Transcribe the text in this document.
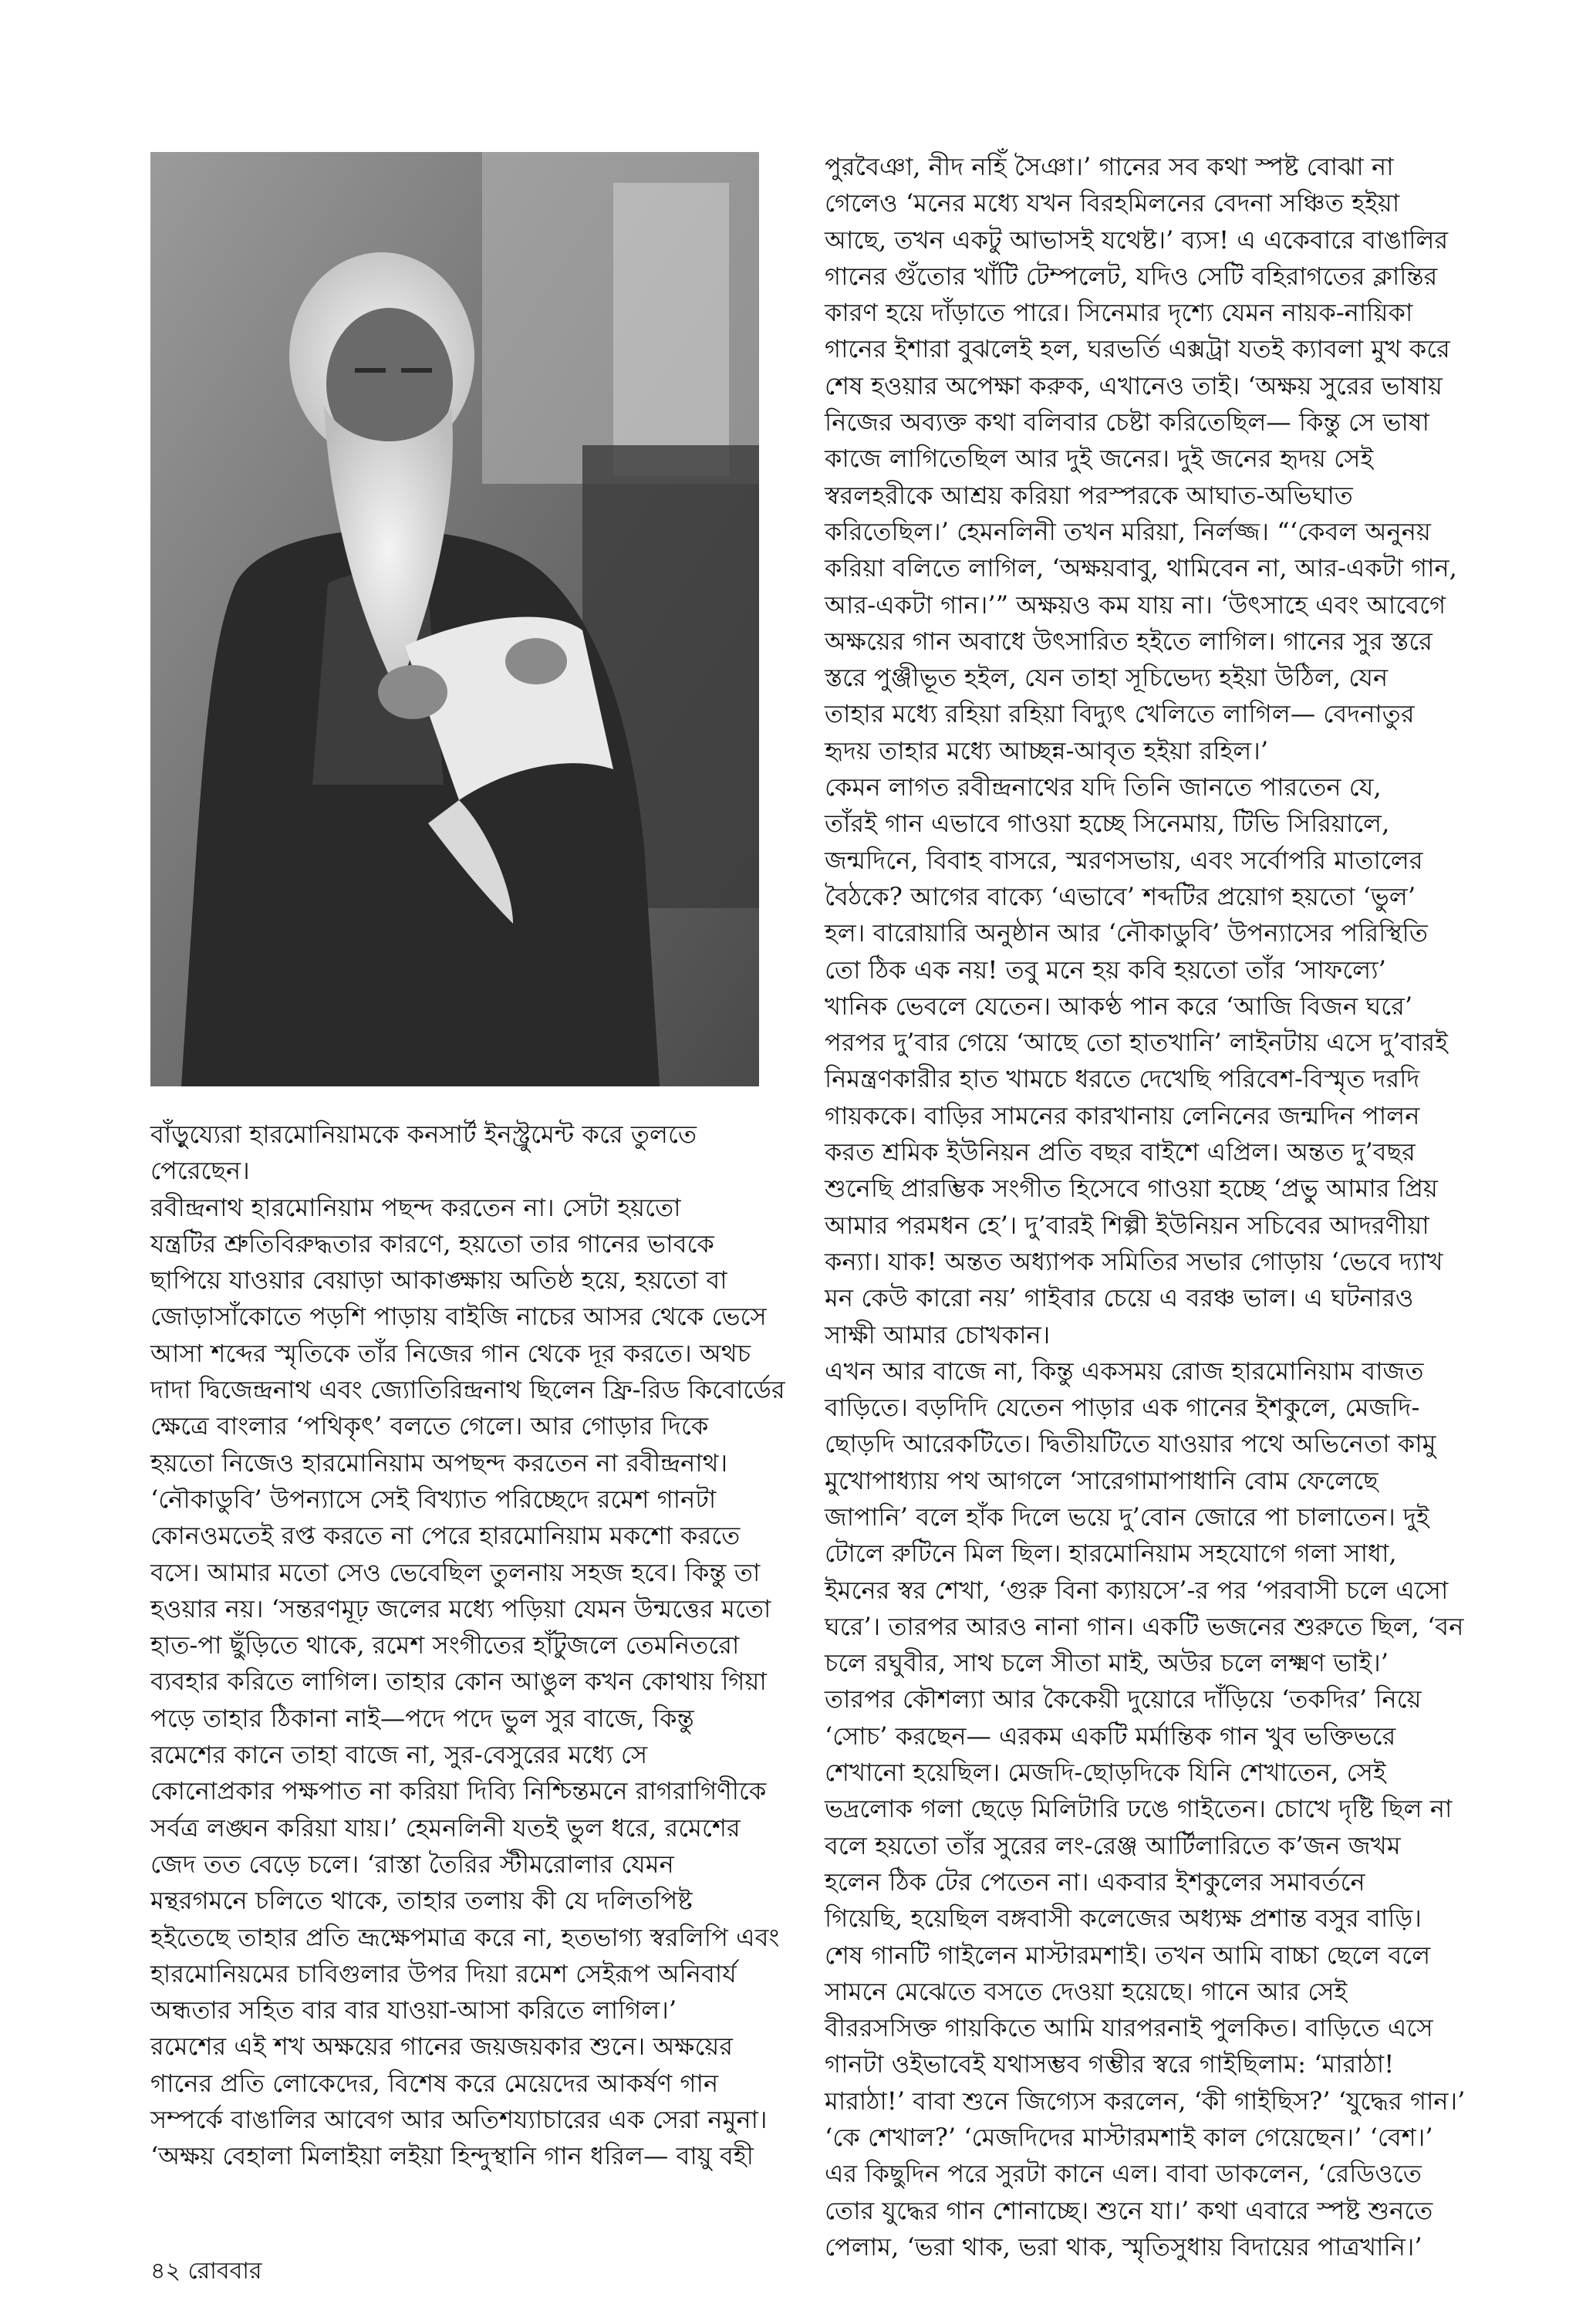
পুরবৈঞা, নীদ নহিঁ সৈঞা।’ গানের সব কথা স্পষ্ট বোঝা না

গেলেও ‘মনের মধ্যে যখন বিরহমিলনের বেদনা সঞ্চিত হইয়া

আছে, তখন একটু আভাসই যথেষ্ট।’ ব্যস! এ একেবারে বাঙালির

গানের গুঁতোর খাঁটি টেম্পলেট, যদিও সেটি বহিরাগতের ক্লান্তির

কারণ হয়ে দাঁড়াতে পারে। সিনেমার দৃশ্যে যেমন নায়ক-নায়িকা

গানের ইশারা বুঝলেই হল, ঘরভর্তি এক্সট্রা যতই ক্যাবলা মুখ করে

শেষ হওয়ার অপেক্ষা করুক, এখানেও তাই। ‘অক্ষয় সুরের ভাষায়

নিজের অব্যক্ত কথা বলিবার চেষ্টা করিতেছিল— কিন্তু সে ভাষা

কাজে লাগিতেছিল আর দুই জনের। দুই জনের হৃদয় সেই

স্বরলহরীকে আশ্রয় করিয়া পরস্পরকে আঘাত-অভিঘাত

করিতেছিল।’ হেমনলিনী তখন মরিয়া, নির্লজ্জ। “‘কেবল অনুনয়

করিয়া বলিতে লাগিল, ‘অক্ষয়বাবু, থামিবেন না, আর-একটা গান,

আর-একটা গান।’” অক্ষয়ও কম যায় না। ‘উৎসাহে এবং আবেগে

অক্ষয়ের গান অবাধে উৎসারিত হইতে লাগিল। গানের সুর স্তরে

স্তরে পুঞ্জীভূত হইল, যেন তাহা সূচিভেদ্য হইয়া উঠিল, যেন

তাহার মধ্যে রহিয়া রহিয়া বিদ্যুৎ খেলিতে লাগিল— বেদনাতুর

হৃদয় তাহার মধ্যে আচ্ছন্ন-আবৃত হইয়া রহিল।’

কেমন লাগত রবীন্দ্রনাথের যদি তিনি জানতে পারতেন যে,

তাঁরই গান এভাবে গাওয়া হচ্ছে সিনেমায়, টিভি সিরিয়ালে,

জন্মদিনে, বিবাহ বাসরে, স্মরণসভায়, এবং সর্বোপরি মাতালের

বৈঠকে? আগের বাক্যে ‘এভাবে’ শব্দটির প্রয়োগ হয়তো ‘ভুল’

হল। বারোয়ারি অনুষ্ঠান আর ‘নৌকাডুবি’ উপন্যাসের পরিস্থিতি

তো ঠিক এক নয়! তবু মনে হয় কবি হয়তো তাঁর ‘সাফল্যে’

খানিক ভেবলে যেতেন। আকণ্ঠ পান করে ‘আজি বিজন ঘরে’

পরপর দু’বার গেয়ে ‘আছে তো হাতখানি’ লাইনটায় এসে দু’বারই

নিমন্ত্রণকারীর হাত খামচে ধরতে দেখেছি পরিবেশ-বিস্মৃত দরদি

গায়ককে। বাড়ির সামনের কারখানায় লেনিনের জন্মদিন পালন

করত শ্রমিক ইউনিয়ন প্রতি বছর বাইশে এপ্রিল। অন্তত দু’বছর

শুনেছি প্রারম্ভিক সংগীত হিসেবে গাওয়া হচ্ছে ‘প্রভু আমার প্রিয়

আমার পরমধন হে’। দু’বারই শিল্পী ইউনিয়ন সচিবের আদরণীয়া

কন্যা। যাক! অন্তত অধ্যাপক সমিতির সভার গোড়ায় ‘ভেবে দ্যাখ

মন কেউ কারো নয়’ গাইবার চেয়ে এ বরঞ্চ ভাল। এ ঘটনারও

সাক্ষী আমার চোখকান।

এখন আর বাজে না, কিন্তু একসময় রোজ হারমোনিয়াম বাজত

বাড়িতে। বড়দিদি যেতেন পাড়ার এক গানের ইশকুলে, মেজদি-

ছোড়দি আরেকটিতে। দ্বিতীয়টিতে যাওয়ার পথে অভিনেতা কামু

মুখোপাধ্যায় পথ আগলে ‘সারেগামাপাধানি বোম ফেলেছে

জাপানি’ বলে হাঁক দিলে ভয়ে দু’বোন জোরে পা চালাতেন। দুই

টোলে রুটিনে মিল ছিল। হারমোনিয়াম সহযোগে গলা সাধা,

ইমনের স্বর শেখা, ‘গুরু বিনা ক্যায়সে’-র পর ‘পরবাসী চলে এসো

ঘরে’। তারপর আরও নানা গান। একটি ভজনের শুরুতে ছিল, ‘বন

চলে রঘুবীর, সাথ চলে সীতা মাই, অউর চলে লক্ষ্মণ ভাই।’

তারপর কৌশল্যা আর কৈকেয়ী দুয়োরে দাঁড়িয়ে ‘তকদির’ নিয়ে

‘সোচ’ করছেন— এরকম একটি মর্মান্তিক গান খুব ভক্তিভরে

শেখানো হয়েছিল। মেজদি-ছোড়দিকে যিনি শেখাতেন, সেই

ভদ্রলোক গলা ছেড়ে মিলিটারি ঢঙে গাইতেন। চোখে দৃষ্টি ছিল না

বলে হয়তো তাঁর সুরের লং-রেঞ্জ আর্টিলারিতে ক’জন জখম

হলেন ঠিক টের পেতেন না। একবার ইশকুলের সমাবর্তনে

গিয়েছি, হয়েছিল বঙ্গবাসী কলেজের অধ্যক্ষ প্রশান্ত বসুর বাড়ি।

শেষ গানটি গাইলেন মাস্টারমশাই। তখন আমি বাচ্চা ছেলে বলে

সামনে মেঝেতে বসতে দেওয়া হয়েছে। গানে আর সেই

বীররসসিক্ত গায়কিতে আমি যারপরনাই পুলকিত। বাড়িতে এসে

গানটা ওইভাবেই যথাসম্ভব গম্ভীর স্বরে গাইছিলাম: ‘মারাঠা!

মারাঠা!’ বাবা শুনে জিগ্যেস করলেন, ‘কী গাইছিস?’ ‘যুদ্ধের গান।’

‘কে শেখাল?’ ‘মেজদিদের মাস্টারমশাই কাল গেয়েছেন।’ ‘বেশ।’

এর কিছুদিন পরে সুরটা কানে এল। বাবা ডাকলেন, ‘রেডিওতে

তোর যুদ্ধের গান শোনাচ্ছে। শুনে যা।’ কথা এবারে স্পষ্ট শুনতে

পেলাম, ‘ভরা থাক, ভরা থাক, স্মৃতিসুধায় বিদায়ের পাত্রখানি।’

বাঁড়ুয্যেরা হারমোনিয়ামকে কনসার্ট ইনস্ট্রুমেন্ট করে তুলতে

পেরেছেন।

রবীন্দ্রনাথ হারমোনিয়াম পছন্দ করতেন না। সেটা হয়তো

যন্ত্রটির শ্রুতিবিরুদ্ধতার কারণে, হয়তো তার গানের ভাবকে

ছাপিয়ে যাওয়ার বেয়াড়া আকাঙ্ক্ষায় অতিষ্ঠ হয়ে, হয়তো বা

জোড়াসাঁকোতে পড়শি পাড়ায় বাইজি নাচের আসর থেকে ভেসে

আসা শব্দের স্মৃতিকে তাঁর নিজের গান থেকে দূর করতে। অথচ

দাদা দ্বিজেন্দ্রনাথ এবং জ্যোতিরিন্দ্রনাথ ছিলেন ফ্রি-রিড কিবোর্ডের

ক্ষেত্রে বাংলার ‘পথিকৃৎ’ বলতে গেলে। আর গোড়ার দিকে

হয়তো নিজেও হারমোনিয়াম অপছন্দ করতেন না রবীন্দ্রনাথ।

‘নৌকাডুবি’ উপন্যাসে সেই বিখ্যাত পরিচ্ছেদে রমেশ গানটা

কোনওমতেই রপ্ত করতে না পেরে হারমোনিয়াম মকশো করতে

বসে। আমার মতো সেও ভেবেছিল তুলনায় সহজ হবে। কিন্তু তা

হওয়ার নয়। ‘সন্তরণমূঢ় জলের মধ্যে পড়িয়া যেমন উন্মত্তের মতো

হাত-পা ছুঁড়িতে থাকে, রমেশ সংগীতের হাঁটুজলে তেমনিতরো

ব্যবহার করিতে লাগিল। তাহার কোন আঙুল কখন কোথায় গিয়া

পড়ে তাহার ঠিকানা নাই—পদে পদে ভুল সুর বাজে, কিন্তু

রমেশের কানে তাহা বাজে না, সুর-বেসুরের মধ্যে সে

কোনোপ্রকার পক্ষপাত না করিয়া দিব্যি নিশ্চিন্তমনে রাগরাগিণীকে

সর্বত্র লঙ্ঘন করিয়া যায়।’ হেমনলিনী যতই ভুল ধরে, রমেশের

জেদ তত বেড়ে চলে। ‘রাস্তা তৈরির স্টীমরোলার যেমন

মন্থরগমনে চলিতে থাকে, তাহার তলায় কী যে দলিতপিষ্ট

হইতেছে তাহার প্রতি ভ্রূক্ষেপমাত্র করে না, হতভাগ্য স্বরলিপি এবং

হারমোনিয়মের চাবিগুলার উপর দিয়া রমেশ সেইরূপ অনিবার্য

অন্ধতার সহিত বার বার যাওয়া-আসা করিতে লাগিল।’

রমেশের এই শখ অক্ষয়ের গানের জয়জয়কার শুনে। অক্ষয়ের

গানের প্রতি লোকেদের, বিশেষ করে মেয়েদের আকর্ষণ গান

সম্পর্কে বাঙালির আবেগ আর অতিশয্যাচারের এক সেরা নমুনা।

‘অক্ষয় বেহালা মিলাইয়া লইয়া হিন্দুস্থানি গান ধরিল— বায়ু বহী

৪২ রোববার
